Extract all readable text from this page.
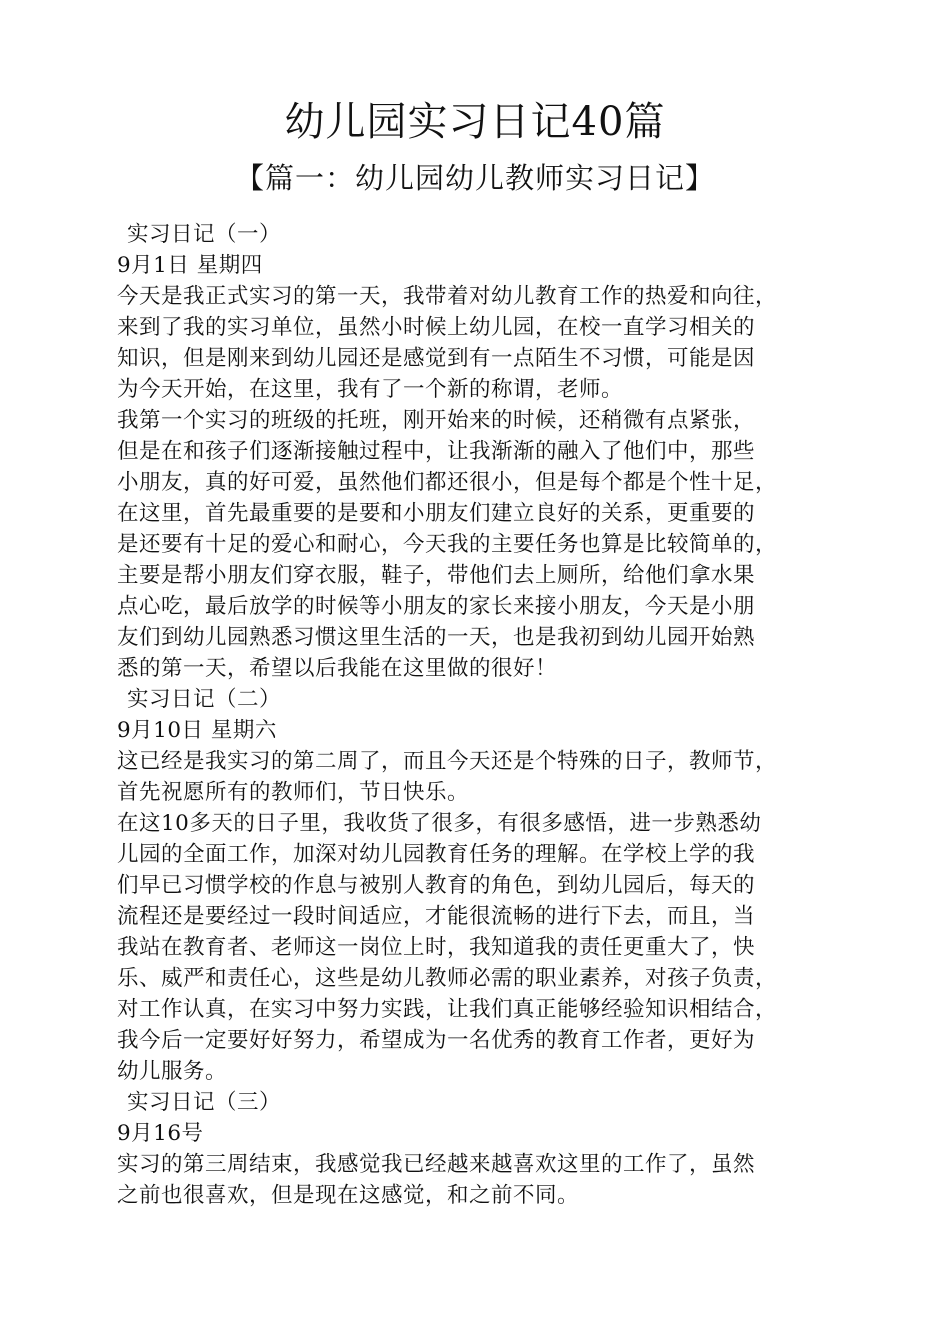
幼儿园实习日记40篇
【篇一：幼儿园幼儿教师实习日记】
实习日记（一）
9月1日 星期四
今天是我正式实习的第一天，我带着对幼儿教育工作的热爱和向往，
来到了我的实习单位，虽然小时候上幼儿园，在校一直学习相关的
知识，但是刚来到幼儿园还是感觉到有一点陌生不习惯，可能是因
为今天开始，在这里，我有了一个新的称谓，老师。
我第一个实习的班级的托班，刚开始来的时候，还稍微有点紧张，
但是在和孩子们逐渐接触过程中，让我渐渐的融入了他们中，那些
小朋友，真的好可爱，虽然他们都还很小，但是每个都是个性十足，
在这里，首先最重要的是要和小朋友们建立良好的关系，更重要的
是还要有十足的爱心和耐心，今天我的主要任务也算是比较简单的，
主要是帮小朋友们穿衣服，鞋子，带他们去上厕所，给他们拿水果
点心吃，最后放学的时候等小朋友的家长来接小朋友，今天是小朋
友们到幼儿园熟悉习惯这里生活的一天，也是我初到幼儿园开始熟
悉的第一天，希望以后我能在这里做的很好！
实习日记（二）
9月10日 星期六
这已经是我实习的第二周了，而且今天还是个特殊的日子，教师节，
首先祝愿所有的教师们，节日快乐。
在这10多天的日子里，我收货了很多，有很多感悟，进一步熟悉幼
儿园的全面工作，加深对幼儿园教育任务的理解。在学校上学的我
们早已习惯学校的作息与被别人教育的角色，到幼儿园后，每天的
流程还是要经过一段时间适应，才能很流畅的进行下去，而且，当
我站在教育者、老师这一岗位上时，我知道我的责任更重大了，快
乐、威严和责任心，这些是幼儿教师必需的职业素养，对孩子负责，
对工作认真，在实习中努力实践，让我们真正能够经验知识相结合，
我今后一定要好好努力，希望成为一名优秀的教育工作者，更好为
幼儿服务。
实习日记（三）
9月16号
实习的第三周结束，我感觉我已经越来越喜欢这里的工作了，虽然
之前也很喜欢，但是现在这感觉，和之前不同。
